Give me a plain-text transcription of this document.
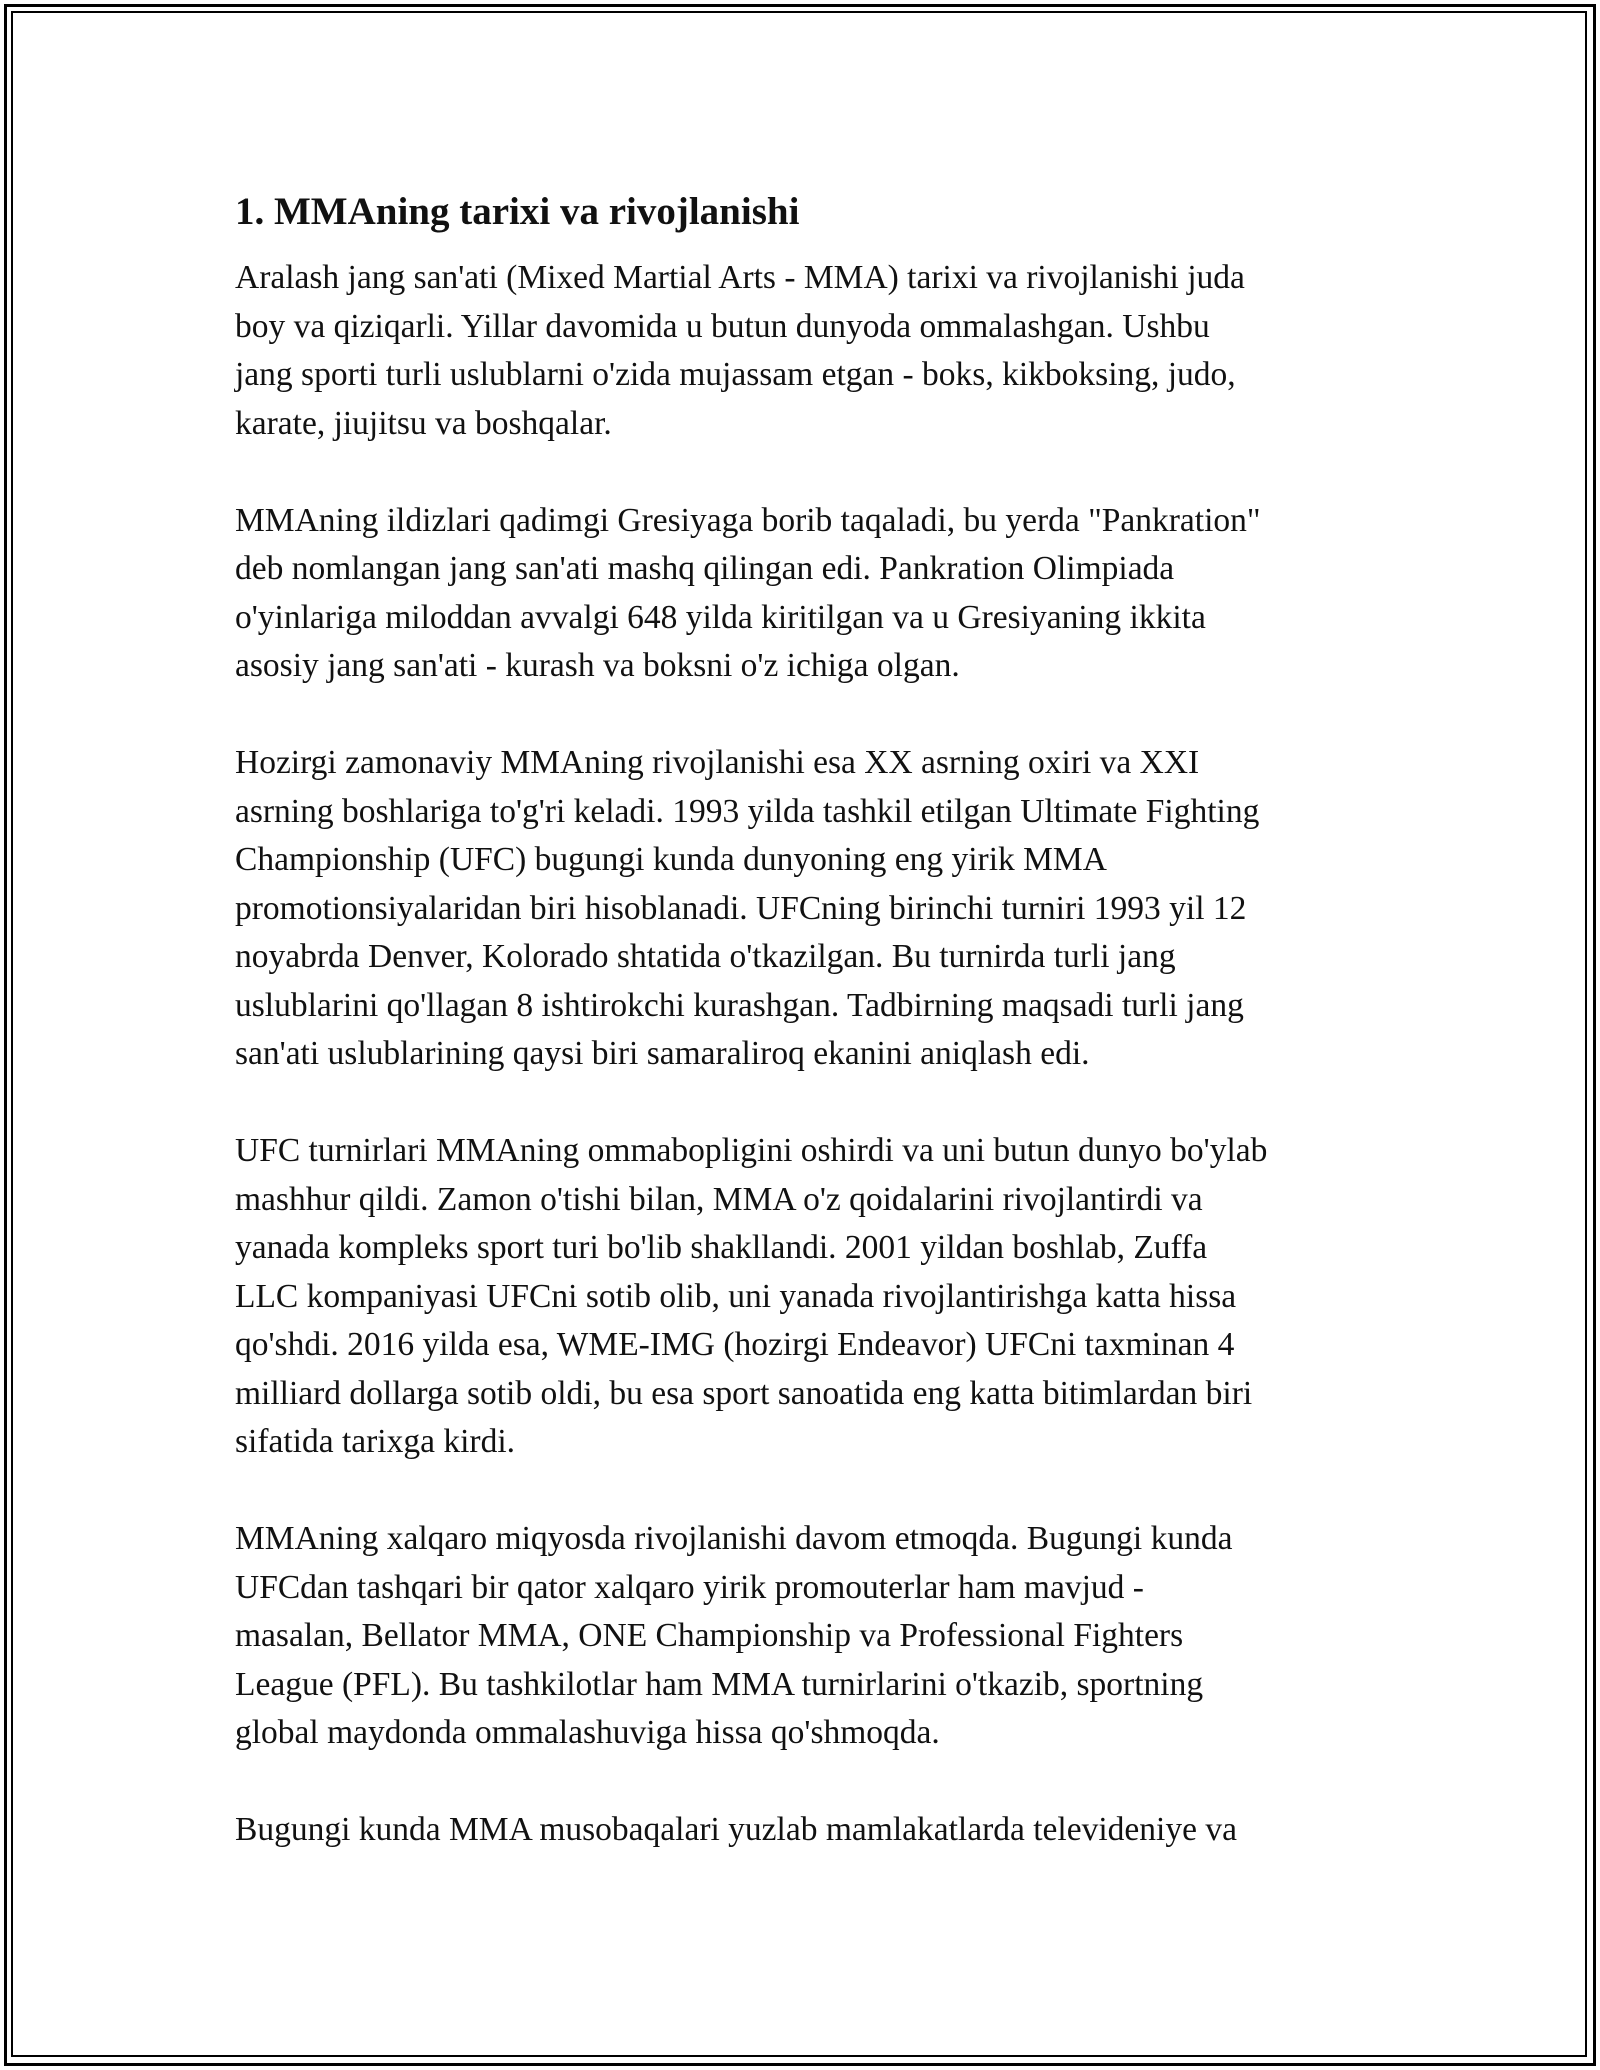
1. MMAning tarixi va rivojlanishi

Aralash jang san'ati (Mixed Martial Arts - MMA) tarixi va rivojlanishi juda
boy va qiziqarli. Yillar davomida u butun dunyoda ommalashgan. Ushbu
jang sporti turli uslublarni o'zida mujassam etgan - boks, kikboksing, judo,
karate, jiujitsu va boshqalar.

MMAning ildizlari qadimgi Gresiyaga borib taqaladi, bu yerda "Pankration"
deb nomlangan jang san'ati mashq qilingan edi. Pankration Olimpiada
o'yinlariga miloddan avvalgi 648 yilda kiritilgan va u Gresiyaning ikkita
asosiy jang san'ati - kurash va boksni o'z ichiga olgan.

Hozirgi zamonaviy MMAning rivojlanishi esa XX asrning oxiri va XXI
asrning boshlariga to'g'ri keladi. 1993 yilda tashkil etilgan Ultimate Fighting
Championship (UFC) bugungi kunda dunyoning eng yirik MMA
promotionsiyalaridan biri hisoblanadi. UFCning birinchi turniri 1993 yil 12
noyabrda Denver, Kolorado shtatida o'tkazilgan. Bu turnirda turli jang
uslublarini qo'llagan 8 ishtirokchi kurashgan. Tadbirning maqsadi turli jang
san'ati uslublarining qaysi biri samaraliroq ekanini aniqlash edi.

UFC turnirlari MMAning ommabopligini oshirdi va uni butun dunyo bo'ylab
mashhur qildi. Zamon o'tishi bilan, MMA o'z qoidalarini rivojlantirdi va
yanada kompleks sport turi bo'lib shakllandi. 2001 yildan boshlab, Zuffa
LLC kompaniyasi UFCni sotib olib, uni yanada rivojlantirishga katta hissa
qo'shdi. 2016 yilda esa, WME-IMG (hozirgi Endeavor) UFCni taxminan 4
milliard dollarga sotib oldi, bu esa sport sanoatida eng katta bitimlardan biri
sifatida tarixga kirdi.

MMAning xalqaro miqyosda rivojlanishi davom etmoqda. Bugungi kunda
UFCdan tashqari bir qator xalqaro yirik promouterlar ham mavjud -
masalan, Bellator MMA, ONE Championship va Professional Fighters
League (PFL). Bu tashkilotlar ham MMA turnirlarini o'tkazib, sportning
global maydonda ommalashuviga hissa qo'shmoqda.

Bugungi kunda MMA musobaqalari yuzlab mamlakatlarda televideniye va
